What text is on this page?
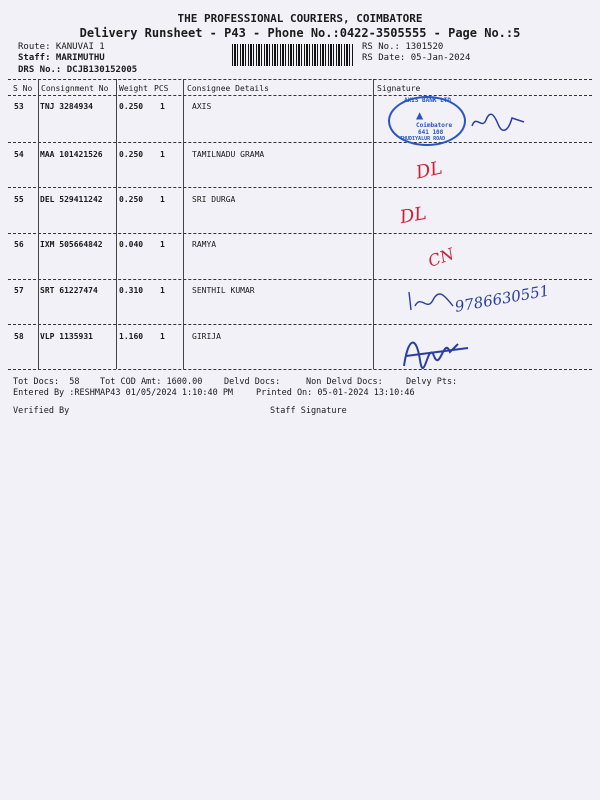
THE PROFESSIONAL COURIERS, COIMBATORE
Delivery Runsheet - P43 - Phone No.:0422-3505555 - Page No.:5
Route: KANUVAI 1
Staff: MARIMUTHU
DRS No.: DCJB130152005
RS No.: 1301520
RS Date: 05-Jan-2024
S No Consignment No Weight PCS Consignee Details	Signature
53 TNJ 3284934	0.250 1	AXIS
54 MAA 101421526 0.250 1	TAMILNADU GRAMA
55 DEL 529411242 0.250 1	SRI DURGA
56 IXM 505664842 0.040 1	RAMYA
57 SRT 61227474	0.310 1	SENTHIL KUMAR
58 VLP 1135931	1.160 1	GIRIJA
AXIS BANK LTD
▲
Coimbatore
641 108
THUDIYALUR ROAD
DL
DL
CN
9786630551
Tot Docs:  58 Tot COD Amt: 1600.00	Delvd Docs:	Non Delvd Docs:	Delvy Pts:
Entered By :RESHMAP43 01/05/2024 1:10:40 PM	Printed On: 05-01-2024 13:10:46
Verified By	Staff Signature
